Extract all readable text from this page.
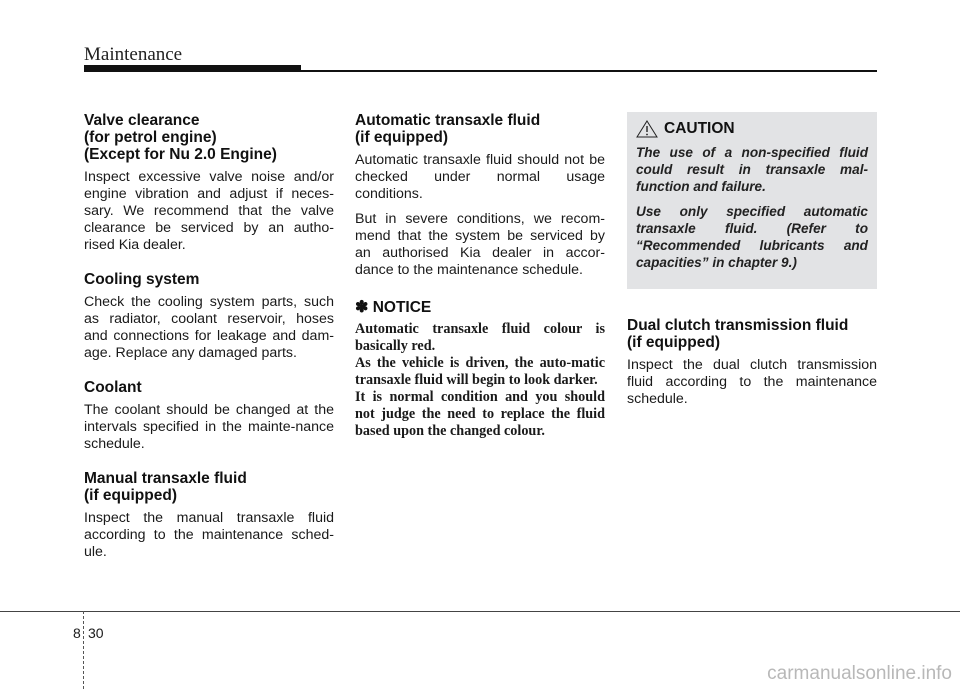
Maintenance
Valve clearance
(for petrol engine)
(Except for Nu 2.0 Engine)

Inspect excessive valve noise and/or engine vibration and adjust if neces-sary. We recommend that the valve clearance be serviced by an autho-rised Kia dealer.

Cooling system

Check the cooling system parts, such as radiator, coolant reservoir, hoses and connections for leakage and dam-age. Replace any damaged parts.

Coolant

The coolant should be changed at the intervals specified in the mainte-nance schedule.

Manual transaxle fluid
(if equipped)

Inspect the manual transaxle fluid according to the maintenance sched-ule.

Automatic transaxle fluid
(if equipped)

Automatic transaxle fluid should not be checked under normal usage conditions.

But in severe conditions, we recom-mend that the system be serviced by an authorised Kia dealer in accor-dance to the maintenance schedule.

✽ NOTICE
Automatic transaxle fluid colour is basically red.
As the vehicle is driven, the auto-matic transaxle fluid will begin to look darker.
It is normal condition and you should not judge the need to replace the fluid based upon the changed colour.
CAUTION

The use of a non-specified fluid could result in transaxle mal-function and failure.

Use only specified automatic transaxle fluid. (Refer to “Recommended lubricants and capacities” in chapter 9.)

Dual clutch transmission fluid
(if equipped)

Inspect the dual clutch transmission fluid according to the maintenance schedule.

8 30
carmanualsonline.info
